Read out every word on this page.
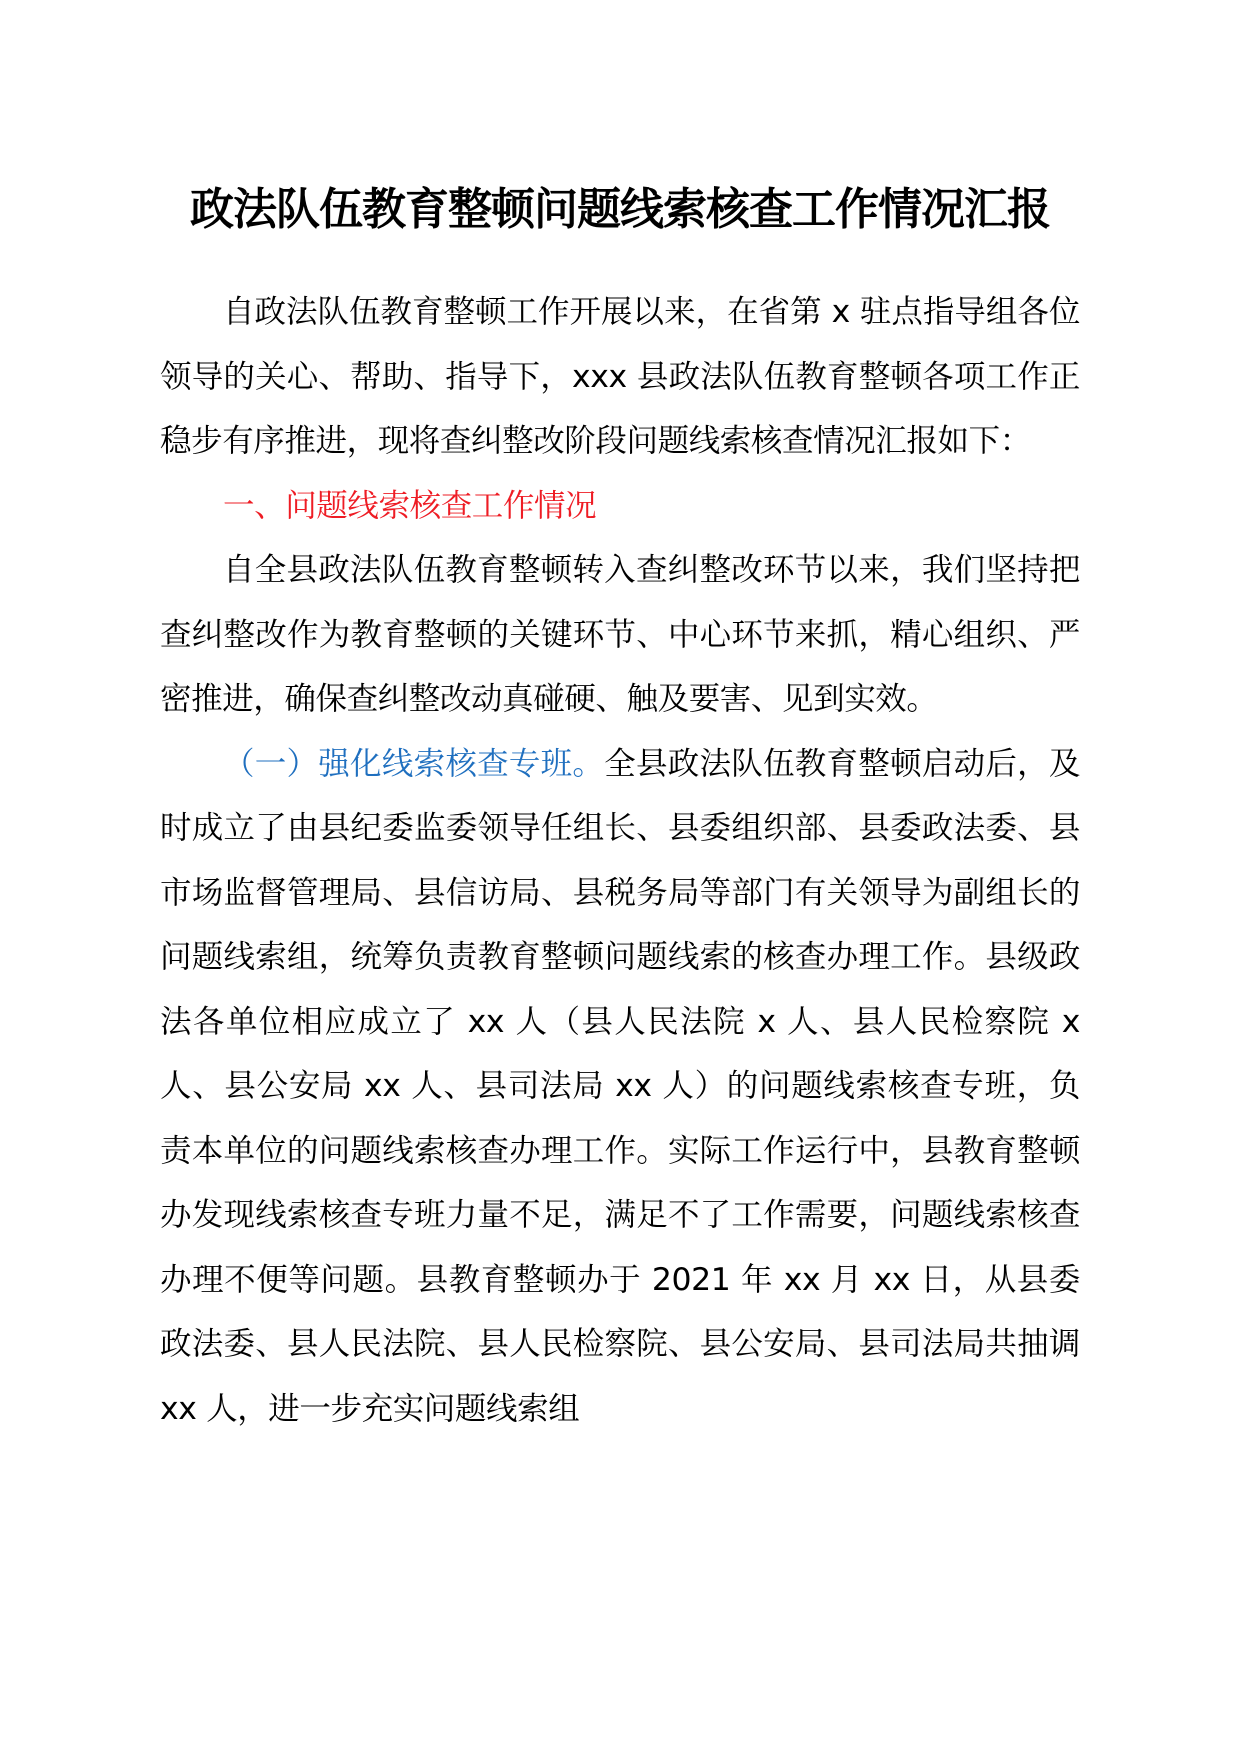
政法队伍教育整顿问题线索核查工作情况汇报

自政法队伍教育整顿工作开展以来，在省第 x 驻点指导组各位领导的关心、帮助、指导下，xxx 县政法队伍教育整顿各项工作正稳步有序推进，现将查纠整改阶段问题线索核查情况汇报如下：

一、问题线索核查工作情况

自全县政法队伍教育整顿转入查纠整改环节以来，我们坚持把查纠整改作为教育整顿的关键环节、中心环节来抓，精心组织、严密推进，确保查纠整改动真碰硬、触及要害、见到实效。

（一）强化线索核查专班。全县政法队伍教育整顿启动后，及时成立了由县纪委监委领导任组长、县委组织部、县委政法委、县市场监督管理局、县信访局、县税务局等部门有关领导为副组长的问题线索组，统筹负责教育整顿问题线索的核查办理工作。县级政法各单位相应成立了 xx 人（县人民法院 x 人、县人民检察院 x 人、县公安局 xx 人、县司法局 xx 人）的问题线索核查专班，负责本单位的问题线索核查办理工作。实际工作运行中，县教育整顿办发现线索核查专班力量不足，满足不了工作需要，问题线索核查办理不便等问题。县教育整顿办于 2021 年 xx 月 xx 日，从县委政法委、县人民法院、县人民检察院、县公安局、县司法局共抽调 xx 人，进一步充实问题线索组
